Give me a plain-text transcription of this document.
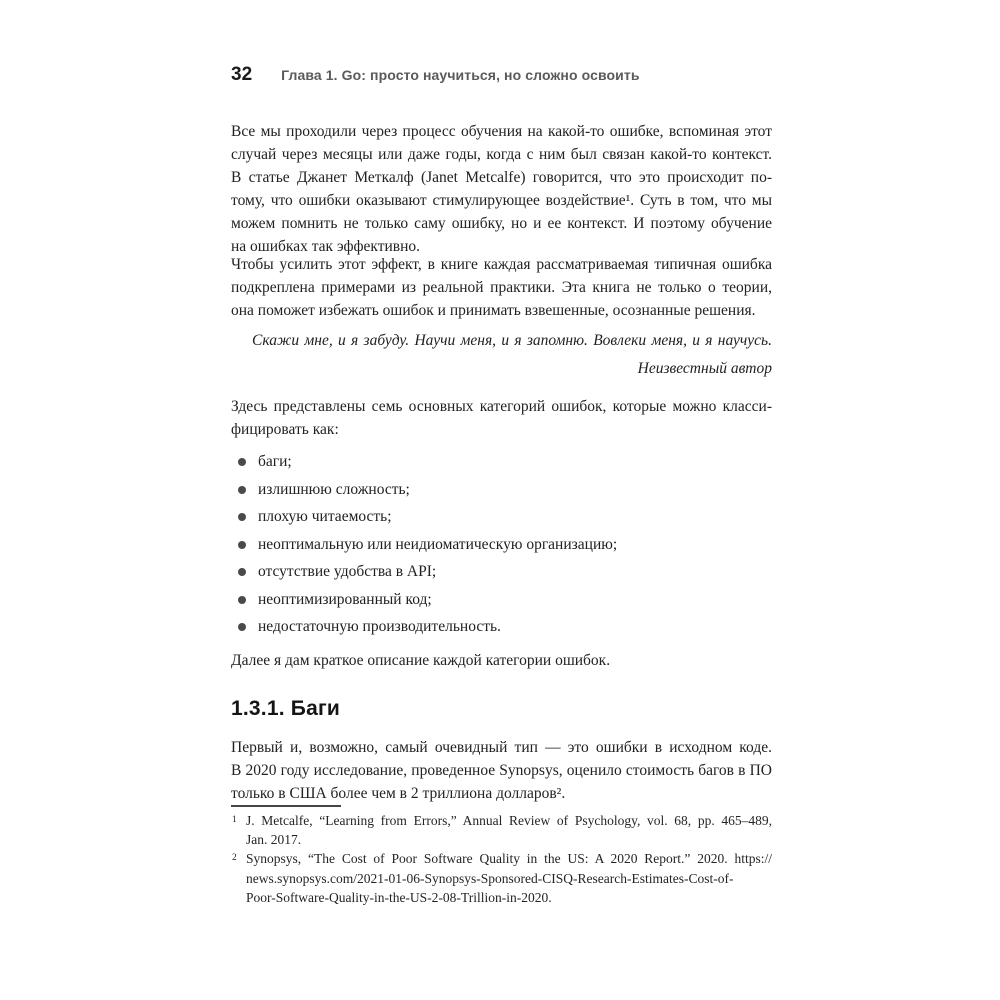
32 Глава 1. Go: просто научиться, но сложно освоить
Все мы проходили через процесс обучения на какой-то ошибке, вспоминая этот
случай через месяцы или даже годы, когда с ним был связан какой-то контекст.
В статье Джанет Меткалф (Janet Metcalfe) говорится, что это происходит по-
тому, что ошибки оказывают стимулирующее воздействие¹. Суть в том, что мы
можем помнить не только саму ошибку, но и ее контекст. И поэтому обучение
на ошибках так эффективно.
Чтобы усилить этот эффект, в книге каждая рассматриваемая типичная ошибка
подкреплена примерами из реальной практики. Эта книга не только о теории,
она поможет избежать ошибок и принимать взвешенные, осознанные решения.
Скажи мне, и я забуду. Научи меня, и я запомню. Вовлеки меня, и я научусь.
Неизвестный автор
Здесь представлены семь основных категорий ошибок, которые можно класси-
фицировать как:
баги;
излишнюю сложность;
плохую читаемость;
неоптимальную или неидиоматическую организацию;
отсутствие удобства в API;
неоптимизированный код;
недостаточную производительность.
Далее я дам краткое описание каждой категории ошибок.
1.3.1. Баги
Первый и, возможно, самый очевидный тип — это ошибки в исходном коде.
В 2020 году исследование, проведенное Synopsys, оценило стоимость багов в ПО
только в США более чем в 2 триллиона долларов².
1 J. Metcalfe, “Learning from Errors,” Annual Review of Psychology, vol. 68, pp. 465–489,
Jan. 2017.
2 Synopsys, “The Cost of Poor Software Quality in the US: A 2020 Report.” 2020. https://
news.synopsys.com/2021-01-06-Synopsys-Sponsored-CISQ-Research-Estimates-Cost-of-
Poor-Software-Quality-in-the-US-2-08-Trillion-in-2020.
